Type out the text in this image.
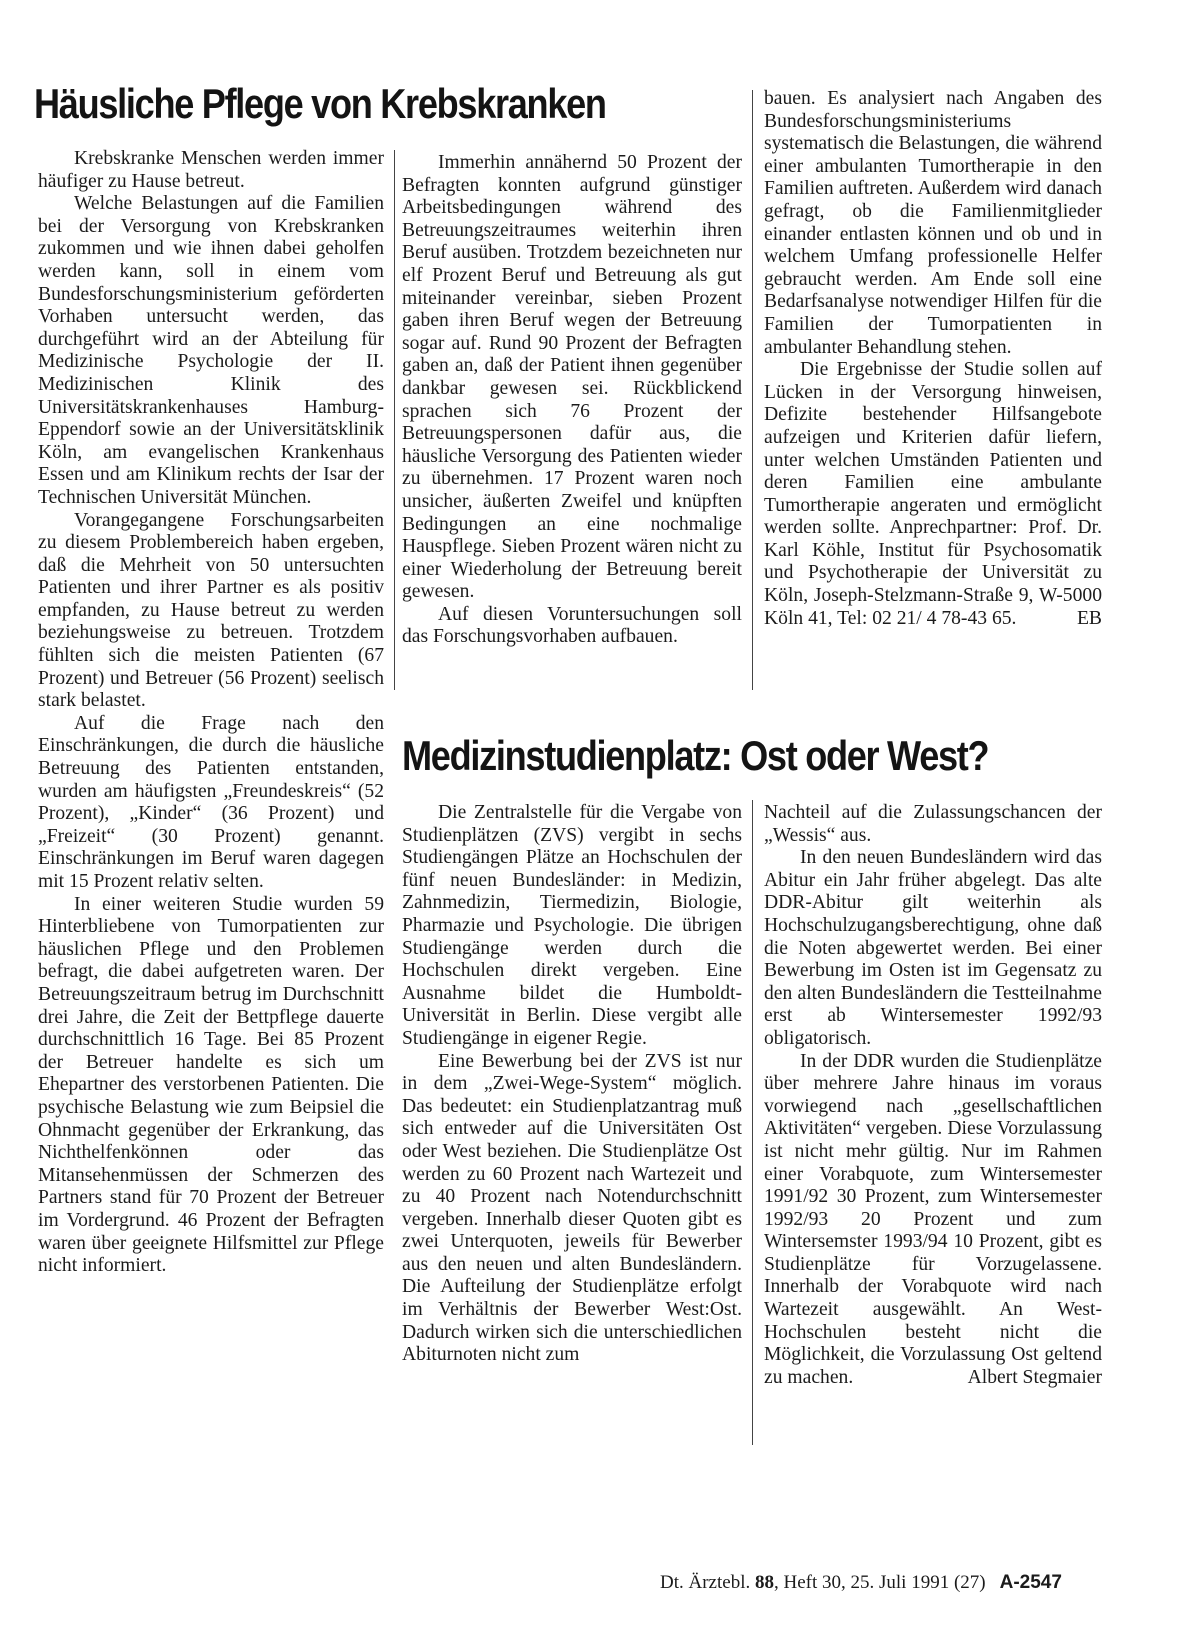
Häusliche Pflege von Krebskranken

Krebskranke Menschen werden immer häufiger zu Hause betreut.

Welche Belastungen auf die Familien bei der Versorgung von Krebskranken zukommen und wie ihnen dabei geholfen werden kann, soll in einem vom Bundesforschungsministerium geförderten Vorhaben untersucht werden, das durchgeführt wird an der Abteilung für Medizinische Psychologie der II. Medizinischen Klinik des Universitätskrankenhauses Hamburg-Eppendorf sowie an der Universitätsklinik Köln, am evangelischen Krankenhaus Essen und am Klinikum rechts der Isar der Technischen Universität München.

Vorangegangene Forschungsarbeiten zu diesem Problembereich haben ergeben, daß die Mehrheit von 50 untersuchten Patienten und ihrer Partner es als positiv empfanden, zu Hause betreut zu werden beziehungsweise zu betreuen. Trotzdem fühlten sich die meisten Patienten (67 Prozent) und Betreuer (56 Prozent) seelisch stark belastet.

Auf die Frage nach den Einschränkungen, die durch die häusliche Betreuung des Patienten entstanden, wurden am häufigsten „Freundeskreis“ (52 Prozent), „Kinder“ (36 Prozent) und „Freizeit“ (30 Prozent) genannt. Einschränkungen im Beruf waren dagegen mit 15 Prozent relativ selten.

In einer weiteren Studie wurden 59 Hinterbliebene von Tumorpatienten zur häuslichen Pflege und den Problemen befragt, die dabei aufgetreten waren. Der Betreuungszeitraum betrug im Durchschnitt drei Jahre, die Zeit der Bettpflege dauerte durchschnittlich 16 Tage. Bei 85 Prozent der Betreuer handelte es sich um Ehepartner des verstorbenen Patienten. Die psychische Belastung wie zum Beipsiel die Ohnmacht gegenüber der Erkrankung, das Nichthelfenkönnen oder das Mitansehenmüssen der Schmerzen des Partners stand für 70 Prozent der Betreuer im Vordergrund. 46 Prozent der Befragten waren über geeignete Hilfsmittel zur Pflege nicht informiert.

Immerhin annähernd 50 Prozent der Befragten konnten aufgrund günstiger Arbeitsbedingungen während des Betreuungszeitraumes weiterhin ihren Beruf ausüben. Trotzdem bezeichneten nur elf Prozent Beruf und Betreuung als gut miteinander vereinbar, sieben Prozent gaben ihren Beruf wegen der Betreuung sogar auf. Rund 90 Prozent der Befragten gaben an, daß der Patient ihnen gegenüber dankbar gewesen sei. Rückblickend sprachen sich 76 Prozent der Betreuungspersonen dafür aus, die häusliche Versorgung des Patienten wieder zu übernehmen. 17 Prozent waren noch unsicher, äußerten Zweifel und knüpften Bedingungen an eine nochmalige Hauspflege. Sieben Prozent wären nicht zu einer Wiederholung der Betreuung bereit gewesen.

Auf diesen Voruntersuchungen soll das Forschungsvorhaben aufbauen.

bauen. Es analysiert nach Angaben des Bundesforschungsministeriums systematisch die Belastungen, die während einer ambulanten Tumortherapie in den Familien auftreten. Außerdem wird danach gefragt, ob die Familienmitglieder einander entlasten können und ob und in welchem Umfang professionelle Helfer gebraucht werden. Am Ende soll eine Bedarfsanalyse notwendiger Hilfen für die Familien der Tumorpatienten in ambulanter Behandlung stehen.

Die Ergebnisse der Studie sollen auf Lücken in der Versorgung hinweisen, Defizite bestehender Hilfsangebote aufzeigen und Kriterien dafür liefern, unter welchen Umständen Patienten und deren Familien eine ambulante Tumortherapie angeraten und ermöglicht werden sollte. Anprechpartner: Prof. Dr. Karl Köhle, Institut für Psychosomatik und Psychotherapie der Universität zu Köln, Joseph-Stelzmann-Straße 9, W-5000 Köln 41, Tel: 02 21/ 4 78-43 65.	EB

Medizinstudienplatz: Ost oder West?

Die Zentralstelle für die Vergabe von Studienplätzen (ZVS) vergibt in sechs Studiengängen Plätze an Hochschulen der fünf neuen Bundesländer: in Medizin, Zahnmedizin, Tiermedizin, Biologie, Pharmazie und Psychologie. Die übrigen Studiengänge werden durch die Hochschulen direkt vergeben. Eine Ausnahme bildet die Humboldt-Universität in Berlin. Diese vergibt alle Studiengänge in eigener Regie.

Eine Bewerbung bei der ZVS ist nur in dem „Zwei-Wege-System“ möglich. Das bedeutet: ein Studienplatzantrag muß sich entweder auf die Universitäten Ost oder West beziehen. Die Studienplätze Ost werden zu 60 Prozent nach Wartezeit und zu 40 Prozent nach Notendurchschnitt vergeben. Innerhalb dieser Quoten gibt es zwei Unterquoten, jeweils für Bewerber aus den neuen und alten Bundesländern. Die Aufteilung der Studienplätze erfolgt im Verhältnis der Bewerber West:Ost. Dadurch wirken sich die unterschiedlichen Abiturnoten nicht zum

Nachteil auf die Zulassungschancen der „Wessis“ aus.

In den neuen Bundesländern wird das Abitur ein Jahr früher abgelegt. Das alte DDR-Abitur gilt weiterhin als Hochschulzugangsberechtigung, ohne daß die Noten abgewertet werden. Bei einer Bewerbung im Osten ist im Gegensatz zu den alten Bundesländern die Testteilnahme erst ab Wintersemester 1992/93 obligatorisch.

In der DDR wurden die Studienplätze über mehrere Jahre hinaus im voraus vorwiegend nach „gesellschaftlichen Aktivitäten“ vergeben. Diese Vorzulassung ist nicht mehr gültig. Nur im Rahmen einer Vorabquote, zum Wintersemester 1991/92 30 Prozent, zum Wintersemester 1992/93 20 Prozent und zum Wintersemster 1993/94 10 Prozent, gibt es Studienplätze für Vorzugelassene. Innerhalb der Vorabquote wird nach Wartezeit ausgewählt. An West-Hochschulen besteht nicht die Möglichkeit, die Vorzulassung Ost geltend zu machen.	Albert Stegmaier

Dt. Ärztebl. 88, Heft 30, 25. Juli 1991 (27) A-2547
